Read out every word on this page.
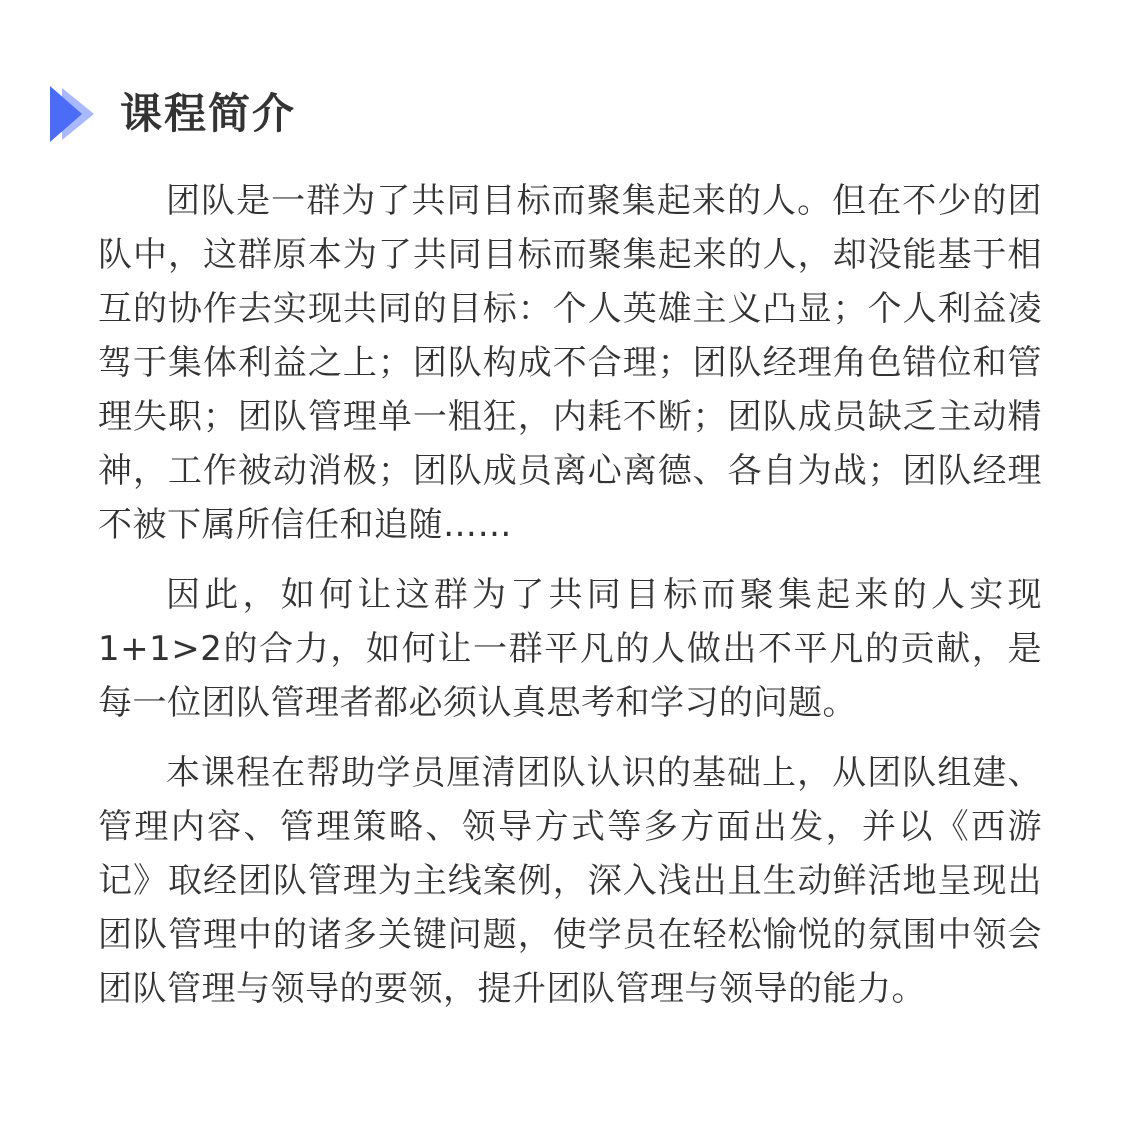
课程简介

团队是一群为了共同目标而聚集起来的人。但在不少的团队中，这群原本为了共同目标而聚集起来的人，却没能基于相互的协作去实现共同的目标：个人英雄主义凸显；个人利益凌驾于集体利益之上；团队构成不合理；团队经理角色错位和管理失职；团队管理单一粗狂，内耗不断；团队成员缺乏主动精神，工作被动消极；团队成员离心离德、各自为战；团队经理不被下属所信任和追随……

因此，如何让这群为了共同目标而聚集起来的人实现1+1>2的合力，如何让一群平凡的人做出不平凡的贡献，是每一位团队管理者都必须认真思考和学习的问题。

本课程在帮助学员厘清团队认识的基础上，从团队组建、管理内容、管理策略、领导方式等多方面出发，并以《西游记》取经团队管理为主线案例，深入浅出且生动鲜活地呈现出团队管理中的诸多关键问题，使学员在轻松愉悦的氛围中领会团队管理与领导的要领，提升团队管理与领导的能力。
